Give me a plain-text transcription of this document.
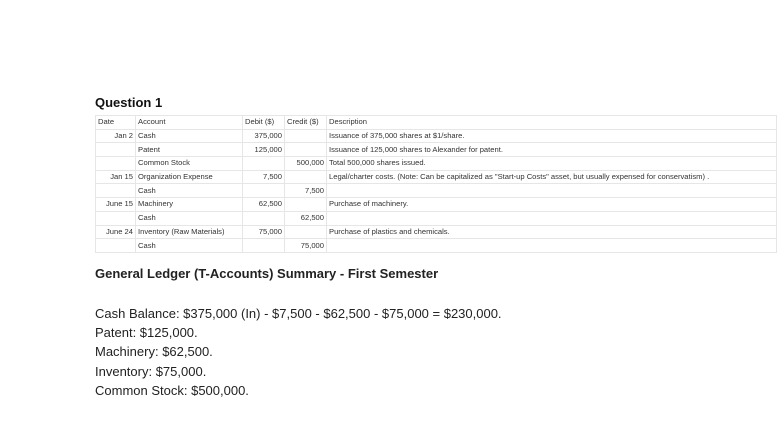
Question 1
Date	Account	Debit ($)	Credit ($)	Description
Jan 2	Cash	375,000		Issuance of 375,000 shares at $1/share.
	Patent	125,000		Issuance of 125,000 shares to Alexander for patent.
	Common Stock		500,000	Total 500,000 shares issued.
Jan 15	Organization Expense	7,500		Legal/charter costs. (Note: Can be capitalized as "Start-up Costs" asset, but usually expensed for conservatism) .
	Cash		7,500	
June 15	Machinery	62,500		Purchase of machinery.
	Cash		62,500	
June 24	Inventory (Raw Materials)	75,000		Purchase of plastics and chemicals.
	Cash		75,000	
General Ledger (T-Accounts) Summary - First Semester
Cash Balance: $375,000 (In) - $7,500 - $62,500 - $75,000 = $230,000.
Patent: $125,000.
Machinery: $62,500.
Inventory: $75,000.
Common Stock: $500,000.
